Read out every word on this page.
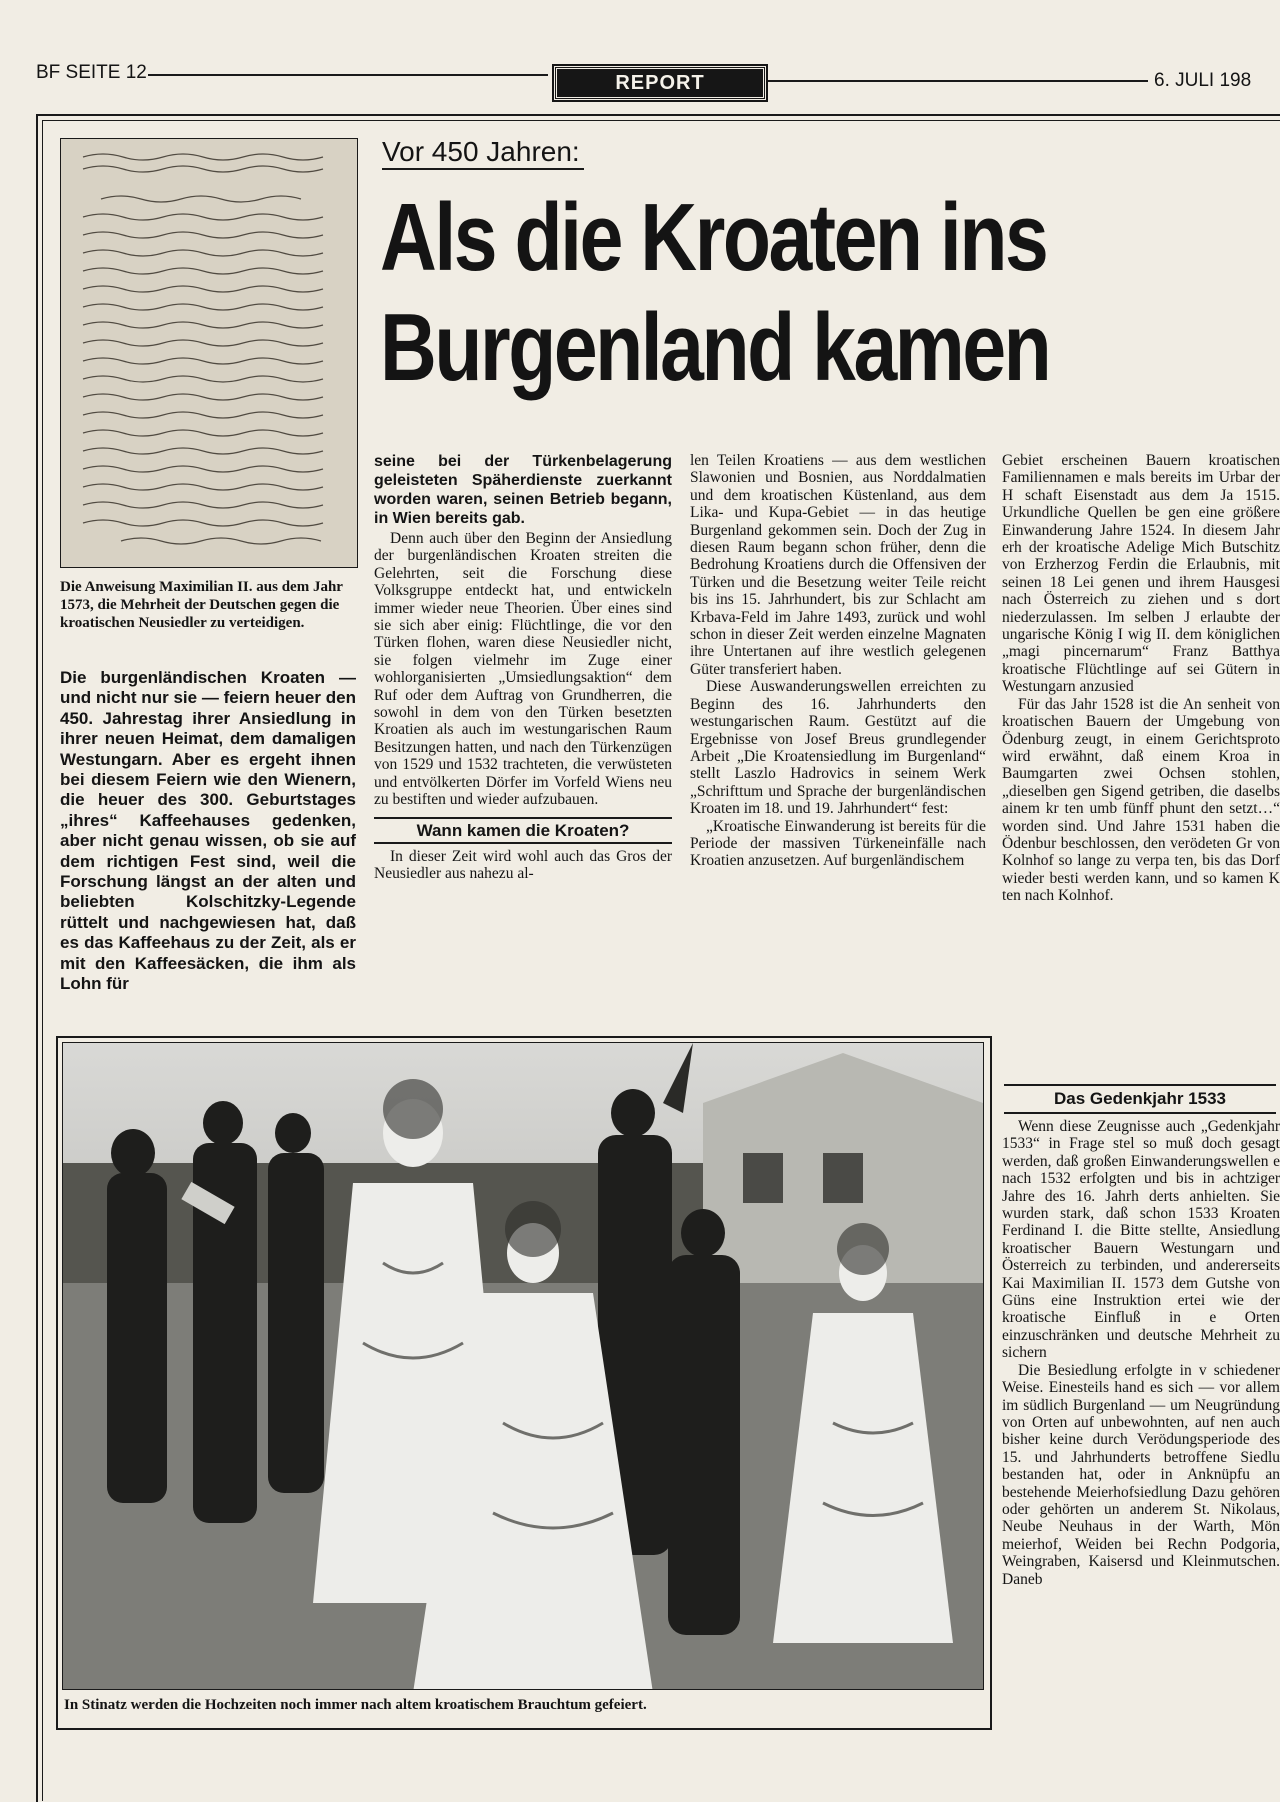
BF SEITE 12	REPORT	6. JULI 198
Die Anweisung Maximilian II. aus dem Jahr 1573, die Mehrheit der Deutschen gegen die kroatischen Neusiedler zu verteidigen.
Vor 450 Jahren:
Als die Kroaten ins
Burgenland kamen
Die burgenländischen Kroaten — und nicht nur sie — feiern heuer den 450. Jahrestag ihrer Ansiedlung in ihrer neuen Heimat, dem damaligen Westungarn. Aber es ergeht ihnen bei diesem Feiern wie den Wienern, die heuer des 300. Geburtstages „ihres“ Kaffeehauses gedenken, aber nicht genau wissen, ob sie auf dem richtigen Fest sind, weil die Forschung längst an der alten und beliebten Kolschitzky-Legende rüttelt und nachgewiesen hat, daß es das Kaffeehaus zu der Zeit, als er mit den Kaffeesäcken, die ihm als Lohn für

seine bei der Türkenbelagerung geleisteten Späherdienste zuerkannt worden waren, seinen Betrieb begann, in Wien bereits gab.

Denn auch über den Beginn der Ansiedlung der burgenländischen Kroaten streiten die Gelehrten, seit die Forschung diese Volksgruppe entdeckt hat, und entwickeln immer wieder neue Theorien. Über eines sind sie sich aber einig: Flüchtlinge, die vor den Türken flohen, waren diese Neusiedler nicht, sie folgen vielmehr im Zuge einer wohlorganisierten „Umsiedlungsaktion“ dem Ruf oder dem Auftrag von Grundherren, die sowohl in dem von den Türken besetzten Kroatien als auch im westungarischen Raum Besitzungen hatten, und nach den Türkenzügen von 1529 und 1532 trachteten, die verwüsteten und entvölkerten Dörfer im Vorfeld Wiens neu zu bestiften und wieder aufzubauen.

Wann kamen die Kroaten?

In dieser Zeit wird wohl auch das Gros der Neusiedler aus nahezu al-

len Teilen Kroatiens — aus dem westlichen Slawonien und Bosnien, aus Norddalmatien und dem kroatischen Küstenland, aus dem Lika- und Kupa-Gebiet — in das heutige Burgenland gekommen sein. Doch der Zug in diesen Raum begann schon früher, denn die Bedrohung Kroatiens durch die Offensiven der Türken und die Besetzung weiter Teile reicht bis ins 15. Jahrhundert, bis zur Schlacht am Krbava-Feld im Jahre 1493, zurück und wohl schon in dieser Zeit werden einzelne Magnaten ihre Untertanen auf ihre westlich gelegenen Güter transferiert haben.

Diese Auswanderungswellen erreichten zu Beginn des 16. Jahrhunderts den westungarischen Raum. Gestützt auf die Ergebnisse von Josef Breus grundlegender Arbeit „Die Kroatensiedlung im Burgenland“ stellt Laszlo Hadrovics in seinem Werk „Schrifttum und Sprache der burgenländischen Kroaten im 18. und 19. Jahrhundert“ fest:

„Kroatische Einwanderung ist bereits für die Periode der massiven Türkeneinfälle nach Kroatien anzusetzen. Auf burgenländischem

Gebiet erscheinen Bauern kroatischen Familiennamen e mals bereits im Urbar der H schaft Eisenstadt aus dem Ja 1515. Urkundliche Quellen be gen eine größere Einwanderung Jahre 1524. In diesem Jahr erh der kroatische Adelige Mich Butschitz von Erzherzog Ferdin die Erlaubnis, mit seinen 18 Lei genen und ihrem Hausgesi nach Österreich zu ziehen und s dort niederzulassen. Im selben J erlaubte der ungarische König I wig II. dem königlichen „magi pincernarum“ Franz Batthya kroatische Flüchtlinge auf sei Gütern in Westungarn anzusied

Für das Jahr 1528 ist die An senheit von kroatischen Bauern der Umgebung von Ödenburg zeugt, in einem Gerichtsproto wird erwähnt, daß einem Kroa in Baumgarten zwei Ochsen stohlen, „dieselben gen Sigend getriben, die daselbs ainem kr ten umb fünff phunt den setzt…“ worden sind. Und Jahre 1531 haben die Ödenbur beschlossen, den verödeten Gr von Kolnhof so lange zu verpa ten, bis das Dorf wieder besti werden kann, und so kamen K ten nach Kolnhof.

Das Gedenkjahr 1533

Wenn diese Zeugnisse auch „Gedenkjahr 1533“ in Frage stel so muß doch gesagt werden, daß großen Einwanderungswellen e nach 1532 erfolgten und bis in achtziger Jahre des 16. Jahrh derts anhielten. Sie wurden stark, daß schon 1533 Kroaten Ferdinand I. die Bitte stellte, Ansiedlung kroatischer Bauern Westungarn und Österreich zu terbinden, und andererseits Kai Maximilian II. 1573 dem Gutshe von Güns eine Instruktion ertei wie der kroatische Einfluß in e Orten einzuschränken und deutsche Mehrheit zu sichern

Die Besiedlung erfolgte in v schiedener Weise. Einesteils hand es sich — vor allem im südlich Burgenland — um Neugründung von Orten auf unbewohnten, auf nen auch bisher keine durch Verödungsperiode des 15. und Jahrhunderts betroffene Siedlu bestanden hat, oder in Anknüpfu an bestehende Meierhofsiedlung Dazu gehören oder gehörten un anderem St. Nikolaus, Neube Neuhaus in der Warth, Mön meierhof, Weiden bei Rechn Podgoria, Weingraben, Kaisersd und Kleinmutschen. Daneb

In Stinatz werden die Hochzeiten noch immer nach altem kroatischem Brauchtum gefeiert.
